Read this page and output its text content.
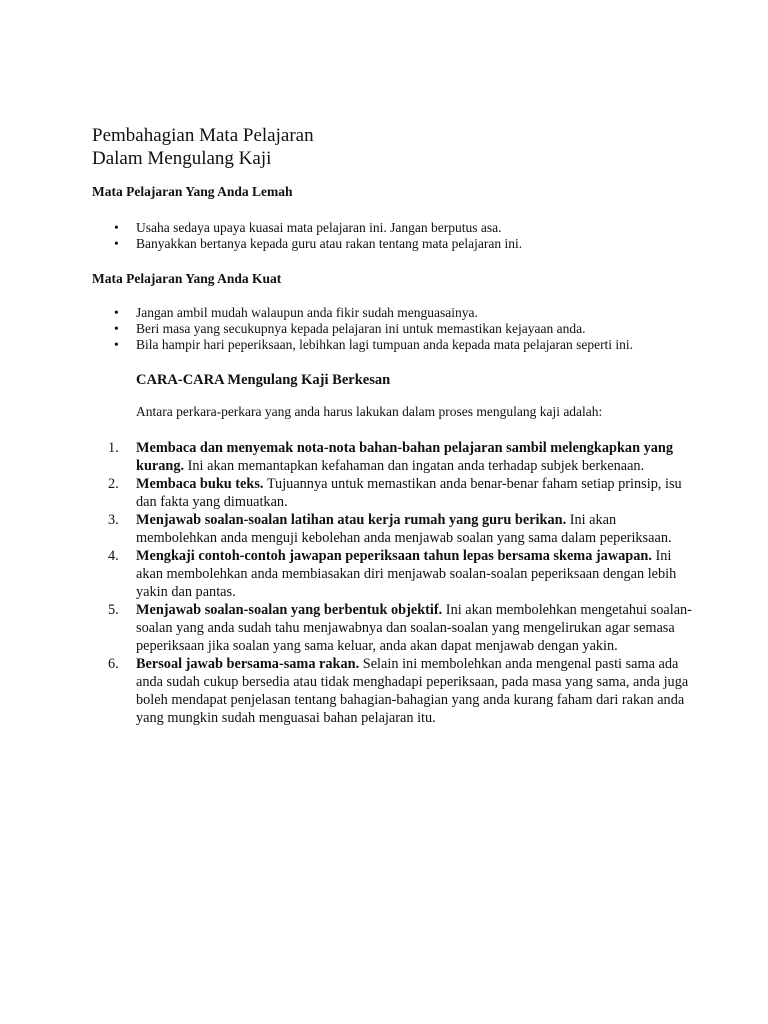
Pembahagian Mata Pelajaran
Dalam Mengulang Kaji
Mata Pelajaran Yang Anda Lemah
• Usaha sedaya upaya kuasai mata pelajaran ini. Jangan berputus asa.
• Banyakkan bertanya kepada guru atau rakan tentang mata pelajaran ini.
Mata Pelajaran Yang Anda Kuat
• Jangan ambil mudah walaupun anda fikir sudah menguasainya.
• Beri masa yang secukupnya kepada pelajaran ini untuk memastikan kejayaan anda.
• Bila hampir hari peperiksaan, lebihkan lagi tumpuan anda kepada mata pelajaran seperti ini.
CARA-CARA Mengulang Kaji Berkesan

Antara perkara-perkara yang anda harus lakukan dalam proses mengulang kaji adalah:

1. Membaca dan menyemak nota-nota bahan-bahan pelajaran sambil melengkapkan yang kurang. Ini akan memantapkan kefahaman dan ingatan anda terhadap subjek berkenaan.
2. Membaca buku teks. Tujuannya untuk memastikan anda benar-benar faham setiap prinsip, isu dan fakta yang dimuatkan.
3. Menjawab soalan-soalan latihan atau kerja rumah yang guru berikan. Ini akan membolehkan anda menguji kebolehan anda menjawab soalan yang sama dalam peperiksaan.
4. Mengkaji contoh-contoh jawapan peperiksaan tahun lepas bersama skema jawapan. Ini akan membolehkan anda membiasakan diri menjawab soalan-soalan peperiksaan dengan lebih yakin dan pantas.
5. Menjawab soalan-soalan yang berbentuk objektif. Ini akan membolehkan mengetahui soalan-soalan yang anda sudah tahu menjawabnya dan soalan-soalan yang mengelirukan agar semasa peperiksaan jika soalan yang sama keluar, anda akan dapat menjawab dengan yakin.
6. Bersoal jawab bersama-sama rakan. Selain ini membolehkan anda mengenal pasti sama ada anda sudah cukup bersedia atau tidak menghadapi peperiksaan, pada masa yang sama, anda juga boleh mendapat penjelasan tentang bahagian-bahagian yang anda kurang faham dari rakan anda yang mungkin sudah menguasai bahan pelajaran itu.
